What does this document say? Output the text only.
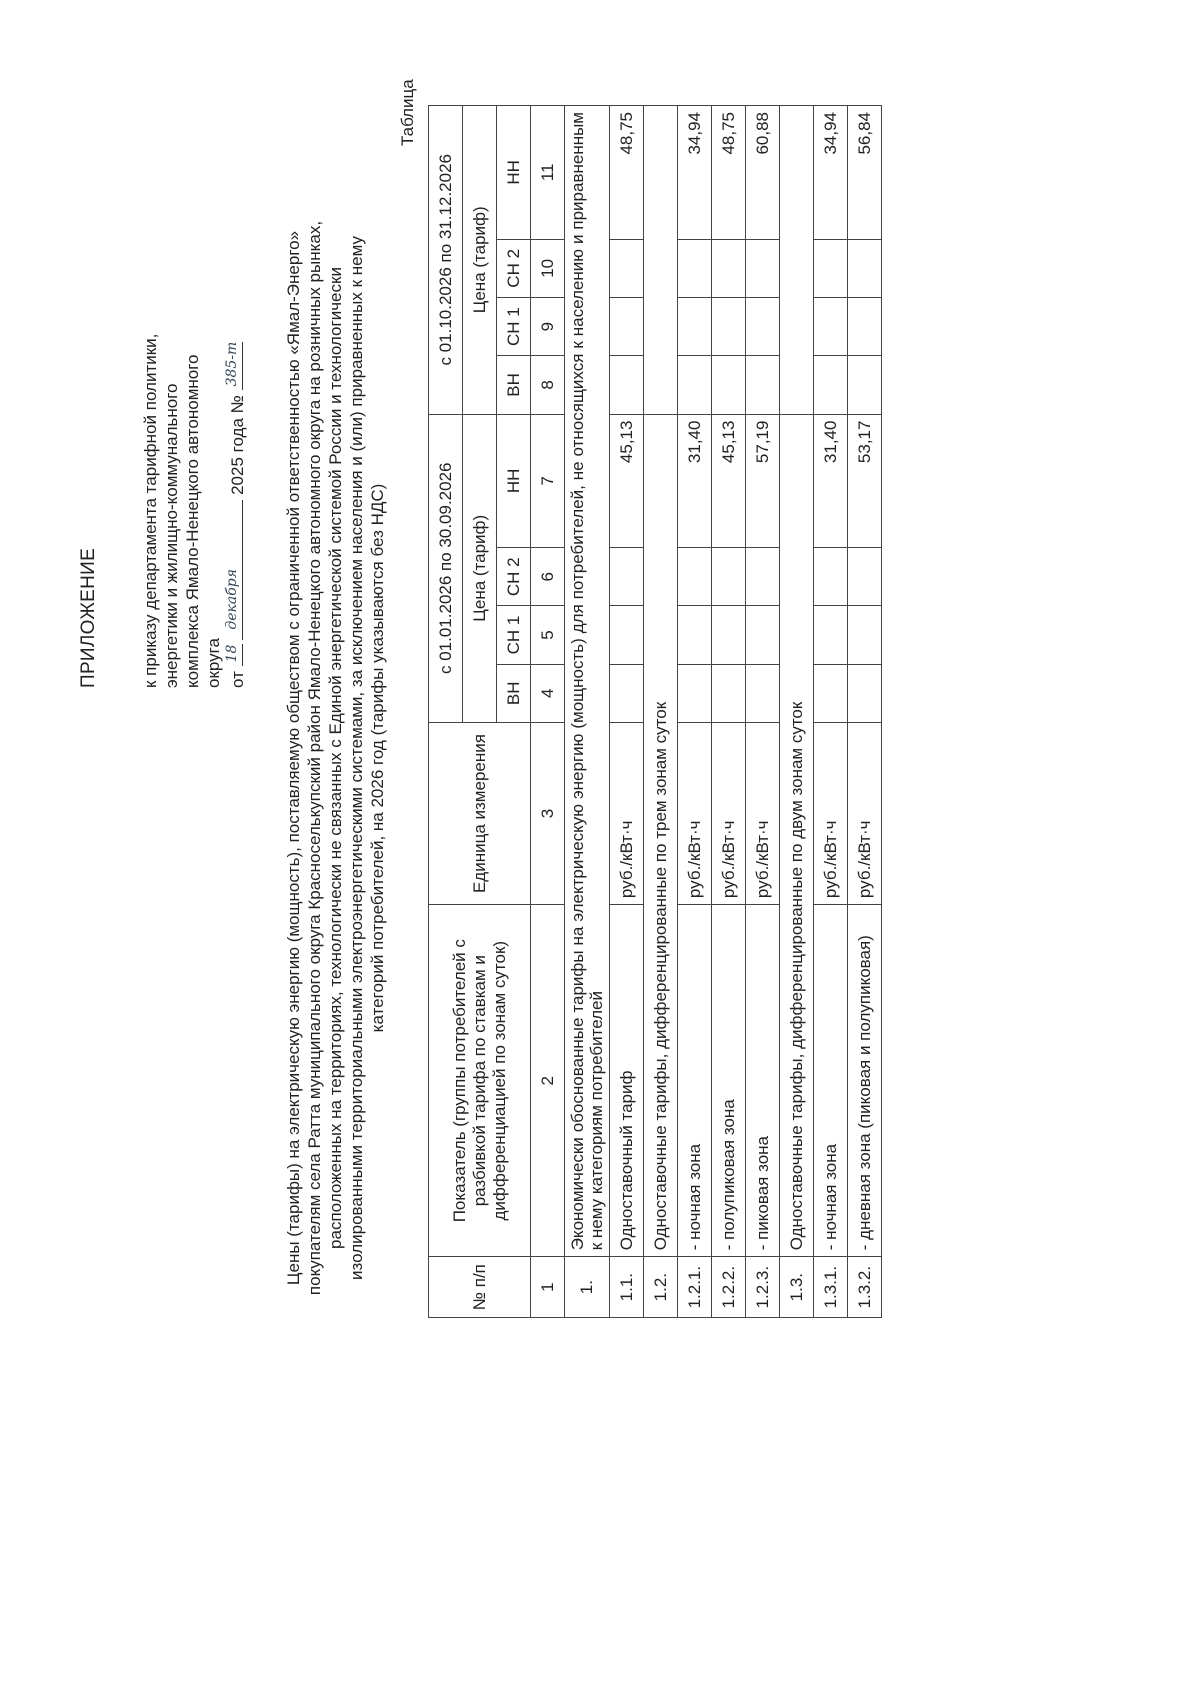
ПРИЛОЖЕНИЕ к приказу департамента тарифной политики, энергетики и жилищно-коммунального комплекса Ямало-Ненецкого автономного округа от
18

декабря
2025 года №
385-т	Цены (тарифы) на электрическую энергию (мощность), поставляемую обществом с ограниченной ответственностью «Ямал-Энерго» покупателям села Ратта муниципального округа Красноселькупский район Ямало-Ненецкого автономного округа на розничных рынках, расположенных на территориях, технологически не связанных с Единой энергетической системой России и технологически изолированными территориальными электроэнергетическими системами, за исключением населения и (или) приравненных к нему категорий потребителей, на 2026 год (тарифы указываются без НДС)
Таблица
№ п/п	Показатель (группы потребителей с разбивкой тарифа по ставкам и дифференциацией по зонам суток)	Единица измерения	с 01.01.2026 по 30.09.2026				с 01.10.2026 по 31.12.2026			
			Цена (тариф)				Цена (тариф)			
			ВН	СН 1	СН 2	НН	ВН	СН 1	СН 2	НН
1	2	3	4	5	6	7	8	9	10	11
1.	Экономически обоснованные тарифы на электрическую энергию (мощность) для потребителей, не относящихся к населению и приравненным к нему категориям потребителей									
1.1.	Одноставочный тариф	руб./кВт·ч				45,13				48,75
1.2.	Одноставочные тарифы, дифференцированные по трем зонам суток									
1.2.1.	- ночная зона	руб./кВт·ч				31,40				34,94
1.2.2.	- полупиковая зона	руб./кВт·ч				45,13				48,75
1.2.3.	- пиковая зона	руб./кВт·ч				57,19				60,88
1.3.	Одноставочные тарифы, дифференцированные по двум зонам суток									
1.3.1.	- ночная зона	руб./кВт·ч				31,40				34,94
1.3.2.	- дневная зона (пиковая и полупиковая)	руб./кВт·ч				53,17				56,84
